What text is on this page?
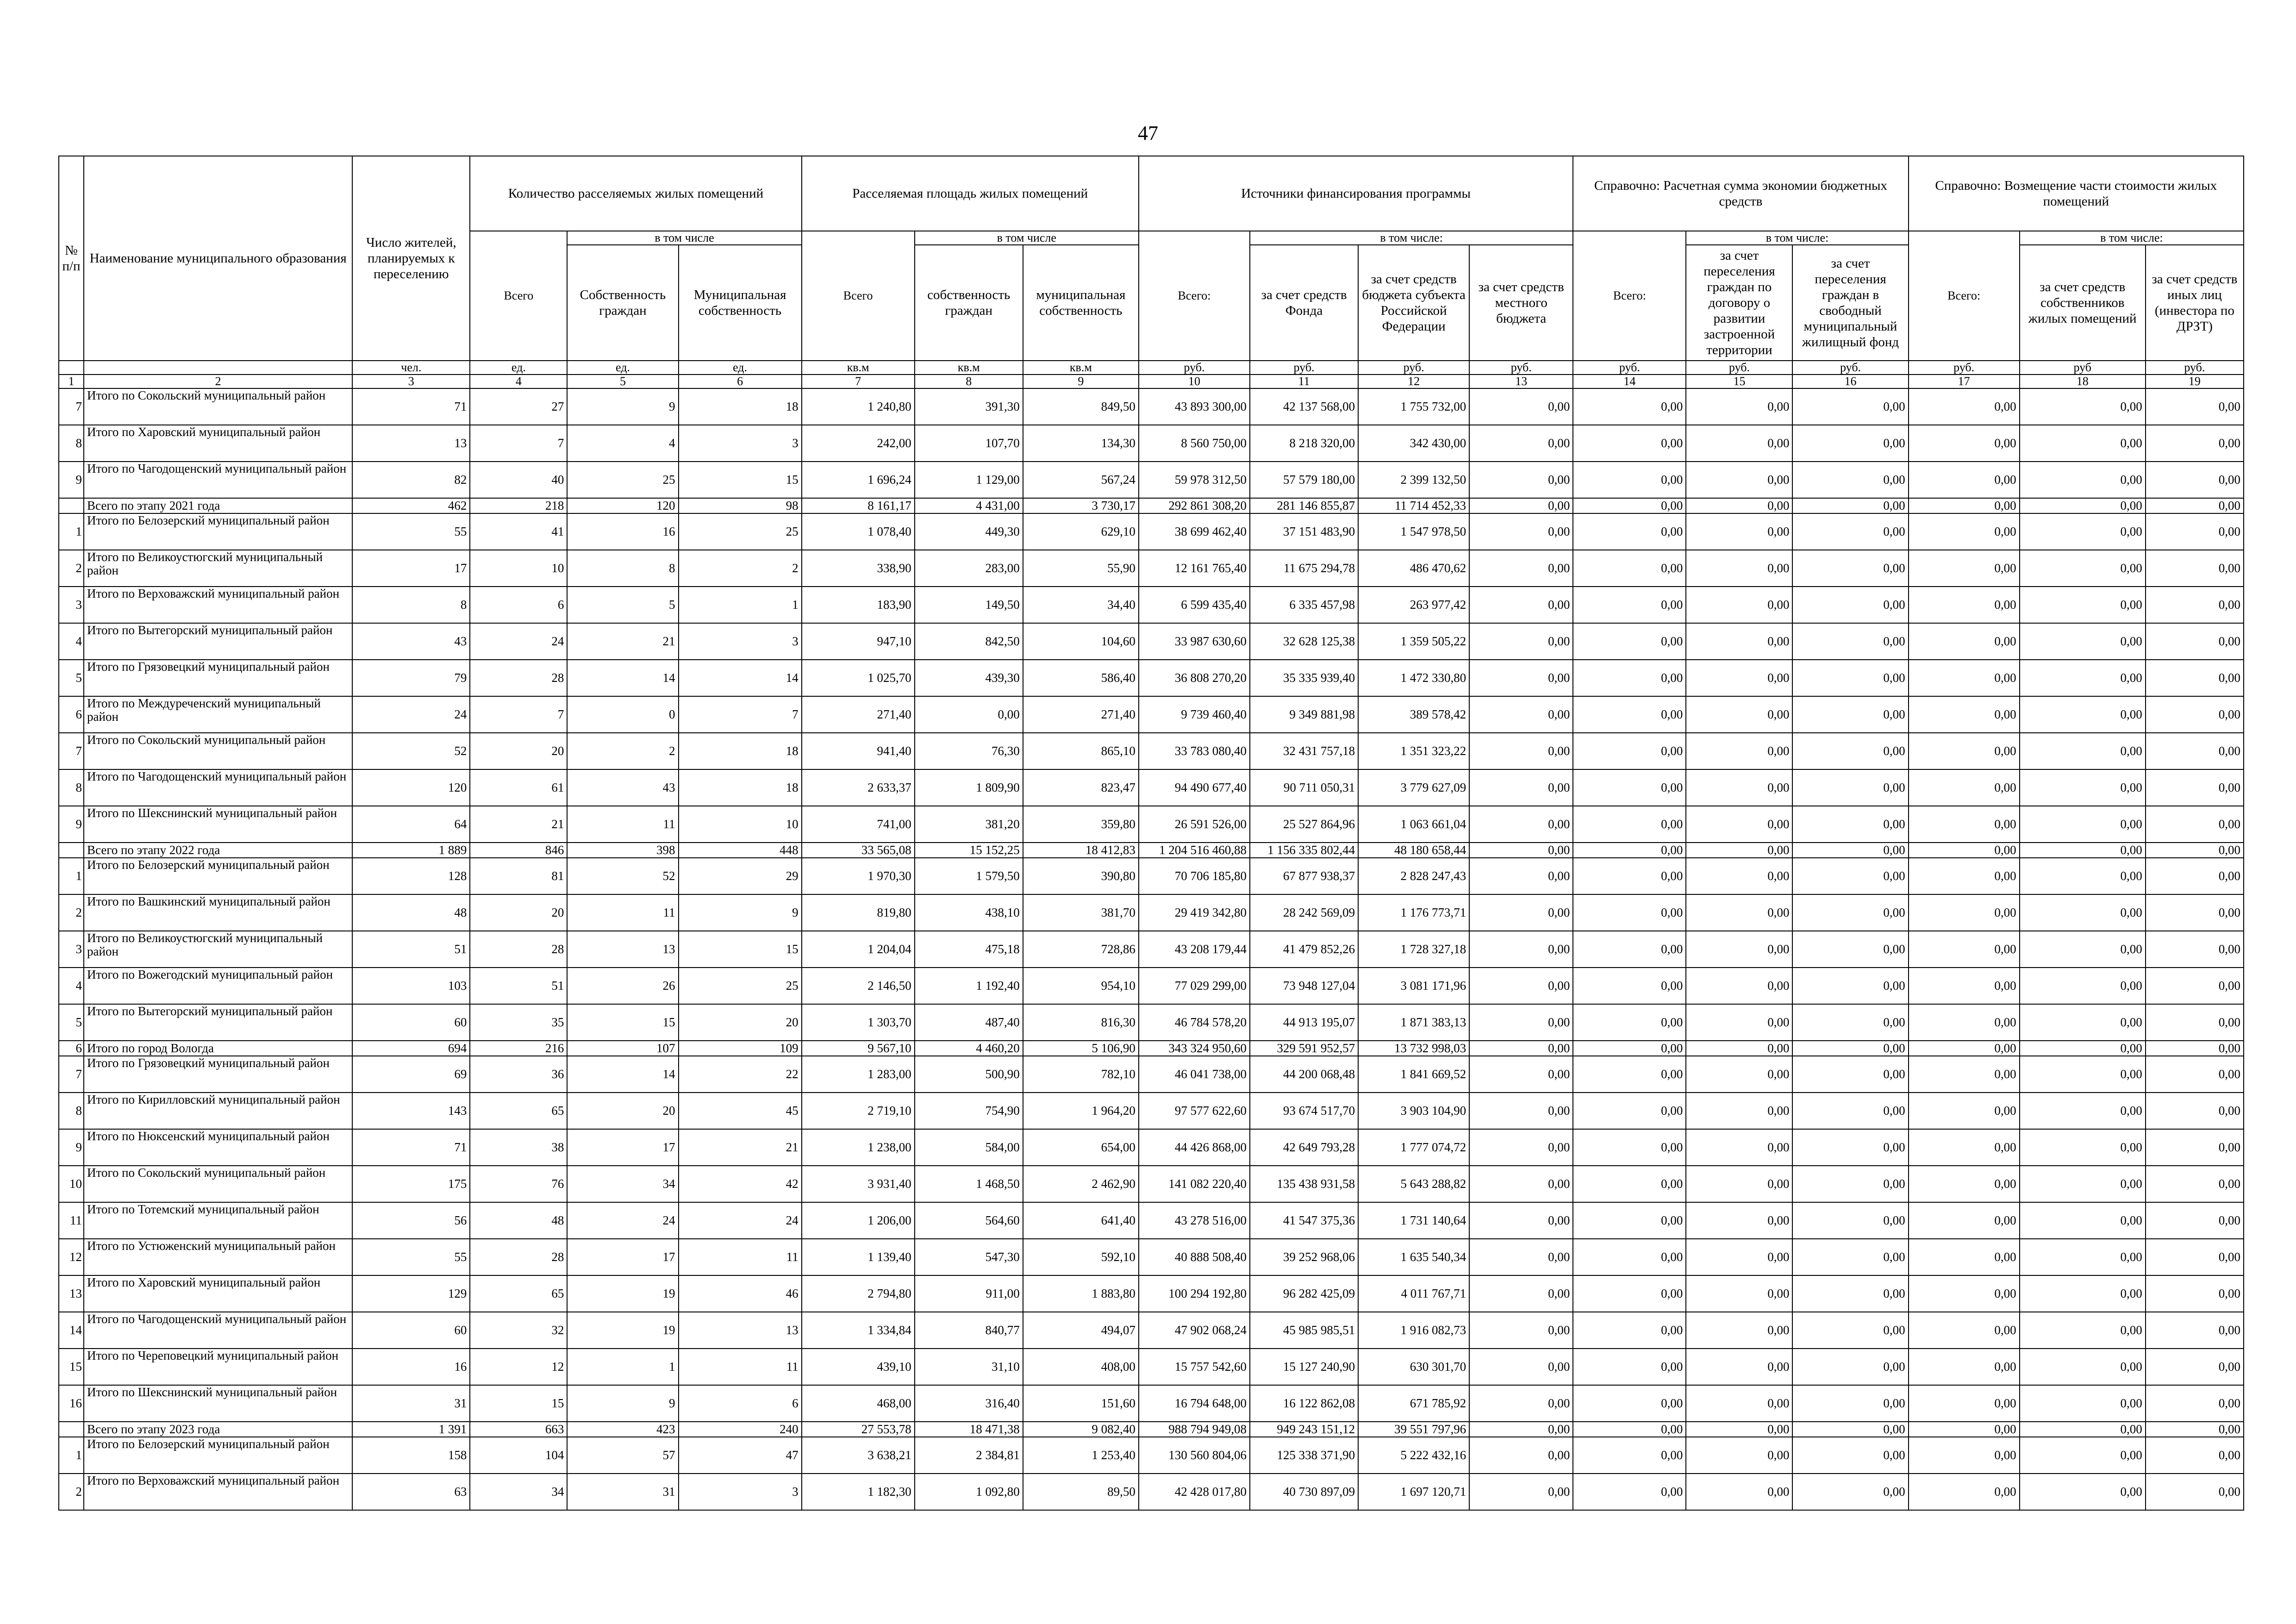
47
№ п/п	Наименование муниципального образования	Число жителей, планируемых к переселению	Количество расселяемых жилых помещений			Расселяемая площадь жилых помещений			Источники финансирования программы				Справочно: Расчетная сумма экономии бюджетных средств			Справочно: Возмещение части стоимости жилых помещений		
			Всего	в том числе		Всего	в том числе		Всего:	в том числе:			Всего:	в том числе:		Всего:	в том числе:	
				Собственность граждан	Муниципальная собственность		собственность граждан	муниципальная собственность		за счет средств Фонда	за счет средств бюджета субъекта Российской Федерации	за счет средств местного бюджета		за счет переселения граждан по договору о развитии застроенной территории	за счет переселения граждан в свободный муниципальный жилищный фонд		за счет средств собственников жилых помещений	за счет средств иных лиц (инвестора по ДРЗТ)
		чел.	ед.	ед.	ед.	кв.м	кв.м	кв.м	руб.	руб.	руб.	руб.	руб.	руб.	руб.	руб.	руб	руб.
1	2	3	4	5	6	7	8	9	10	11	12	13	14	15	16	17	18	19
7	Итого по Сокольский муниципальный район	71	27	9	18	1 240,80	391,30	849,50	43 893 300,00	42 137 568,00	1 755 732,00	0,00	0,00	0,00	0,00	0,00	0,00	0,00
8	Итого по Харовский муниципальный район	13	7	4	3	242,00	107,70	134,30	8 560 750,00	8 218 320,00	342 430,00	0,00	0,00	0,00	0,00	0,00	0,00	0,00
9	Итого по Чагодощенский муниципальный район	82	40	25	15	1 696,24	1 129,00	567,24	59 978 312,50	57 579 180,00	2 399 132,50	0,00	0,00	0,00	0,00	0,00	0,00	0,00
	Всего по этапу 2021 года	462	218	120	98	8 161,17	4 431,00	3 730,17	292 861 308,20	281 146 855,87	11 714 452,33	0,00	0,00	0,00	0,00	0,00	0,00	0,00
1	Итого по Белозерский муниципальный район	55	41	16	25	1 078,40	449,30	629,10	38 699 462,40	37 151 483,90	1 547 978,50	0,00	0,00	0,00	0,00	0,00	0,00	0,00
2	Итого по Великоустюгский муниципальный район	17	10	8	2	338,90	283,00	55,90	12 161 765,40	11 675 294,78	486 470,62	0,00	0,00	0,00	0,00	0,00	0,00	0,00
3	Итого по Верховажский муниципальный район	8	6	5	1	183,90	149,50	34,40	6 599 435,40	6 335 457,98	263 977,42	0,00	0,00	0,00	0,00	0,00	0,00	0,00
4	Итого по Вытегорский муниципальный район	43	24	21	3	947,10	842,50	104,60	33 987 630,60	32 628 125,38	1 359 505,22	0,00	0,00	0,00	0,00	0,00	0,00	0,00
5	Итого по Грязовецкий муниципальный район	79	28	14	14	1 025,70	439,30	586,40	36 808 270,20	35 335 939,40	1 472 330,80	0,00	0,00	0,00	0,00	0,00	0,00	0,00
6	Итого по Междуреченский муниципальный район	24	7	0	7	271,40	0,00	271,40	9 739 460,40	9 349 881,98	389 578,42	0,00	0,00	0,00	0,00	0,00	0,00	0,00
7	Итого по Сокольский муниципальный район	52	20	2	18	941,40	76,30	865,10	33 783 080,40	32 431 757,18	1 351 323,22	0,00	0,00	0,00	0,00	0,00	0,00	0,00
8	Итого по Чагодощенский муниципальный район	120	61	43	18	2 633,37	1 809,90	823,47	94 490 677,40	90 711 050,31	3 779 627,09	0,00	0,00	0,00	0,00	0,00	0,00	0,00
9	Итого по Шекснинский муниципальный район	64	21	11	10	741,00	381,20	359,80	26 591 526,00	25 527 864,96	1 063 661,04	0,00	0,00	0,00	0,00	0,00	0,00	0,00
	Всего по этапу 2022 года	1 889	846	398	448	33 565,08	15 152,25	18 412,83	1 204 516 460,88	1 156 335 802,44	48 180 658,44	0,00	0,00	0,00	0,00	0,00	0,00	0,00
1	Итого по Белозерский муниципальный район	128	81	52	29	1 970,30	1 579,50	390,80	70 706 185,80	67 877 938,37	2 828 247,43	0,00	0,00	0,00	0,00	0,00	0,00	0,00
2	Итого по Вашкинский муниципальный район	48	20	11	9	819,80	438,10	381,70	29 419 342,80	28 242 569,09	1 176 773,71	0,00	0,00	0,00	0,00	0,00	0,00	0,00
3	Итого по Великоустюгский муниципальный район	51	28	13	15	1 204,04	475,18	728,86	43 208 179,44	41 479 852,26	1 728 327,18	0,00	0,00	0,00	0,00	0,00	0,00	0,00
4	Итого по Вожегодский муниципальный район	103	51	26	25	2 146,50	1 192,40	954,10	77 029 299,00	73 948 127,04	3 081 171,96	0,00	0,00	0,00	0,00	0,00	0,00	0,00
5	Итого по Вытегорский муниципальный район	60	35	15	20	1 303,70	487,40	816,30	46 784 578,20	44 913 195,07	1 871 383,13	0,00	0,00	0,00	0,00	0,00	0,00	0,00
6	Итого по город Вологда	694	216	107	109	9 567,10	4 460,20	5 106,90	343 324 950,60	329 591 952,57	13 732 998,03	0,00	0,00	0,00	0,00	0,00	0,00	0,00
7	Итого по Грязовецкий муниципальный район	69	36	14	22	1 283,00	500,90	782,10	46 041 738,00	44 200 068,48	1 841 669,52	0,00	0,00	0,00	0,00	0,00	0,00	0,00
8	Итого по Кирилловский муниципальный район	143	65	20	45	2 719,10	754,90	1 964,20	97 577 622,60	93 674 517,70	3 903 104,90	0,00	0,00	0,00	0,00	0,00	0,00	0,00
9	Итого по Нюксенский муниципальный район	71	38	17	21	1 238,00	584,00	654,00	44 426 868,00	42 649 793,28	1 777 074,72	0,00	0,00	0,00	0,00	0,00	0,00	0,00
10	Итого по Сокольский муниципальный район	175	76	34	42	3 931,40	1 468,50	2 462,90	141 082 220,40	135 438 931,58	5 643 288,82	0,00	0,00	0,00	0,00	0,00	0,00	0,00
11	Итого по Тотемский муниципальный район	56	48	24	24	1 206,00	564,60	641,40	43 278 516,00	41 547 375,36	1 731 140,64	0,00	0,00	0,00	0,00	0,00	0,00	0,00
12	Итого по Устюженский муниципальный район	55	28	17	11	1 139,40	547,30	592,10	40 888 508,40	39 252 968,06	1 635 540,34	0,00	0,00	0,00	0,00	0,00	0,00	0,00
13	Итого по Харовский муниципальный район	129	65	19	46	2 794,80	911,00	1 883,80	100 294 192,80	96 282 425,09	4 011 767,71	0,00	0,00	0,00	0,00	0,00	0,00	0,00
14	Итого по Чагодощенский муниципальный район	60	32	19	13	1 334,84	840,77	494,07	47 902 068,24	45 985 985,51	1 916 082,73	0,00	0,00	0,00	0,00	0,00	0,00	0,00
15	Итого по Череповецкий муниципальный район	16	12	1	11	439,10	31,10	408,00	15 757 542,60	15 127 240,90	630 301,70	0,00	0,00	0,00	0,00	0,00	0,00	0,00
16	Итого по Шекснинский муниципальный район	31	15	9	6	468,00	316,40	151,60	16 794 648,00	16 122 862,08	671 785,92	0,00	0,00	0,00	0,00	0,00	0,00	0,00
	Всего по этапу 2023 года	1 391	663	423	240	27 553,78	18 471,38	9 082,40	988 794 949,08	949 243 151,12	39 551 797,96	0,00	0,00	0,00	0,00	0,00	0,00	0,00
1	Итого по Белозерский муниципальный район	158	104	57	47	3 638,21	2 384,81	1 253,40	130 560 804,06	125 338 371,90	5 222 432,16	0,00	0,00	0,00	0,00	0,00	0,00	0,00
2	Итого по Верховажский муниципальный район	63	34	31	3	1 182,30	1 092,80	89,50	42 428 017,80	40 730 897,09	1 697 120,71	0,00	0,00	0,00	0,00	0,00	0,00	0,00
